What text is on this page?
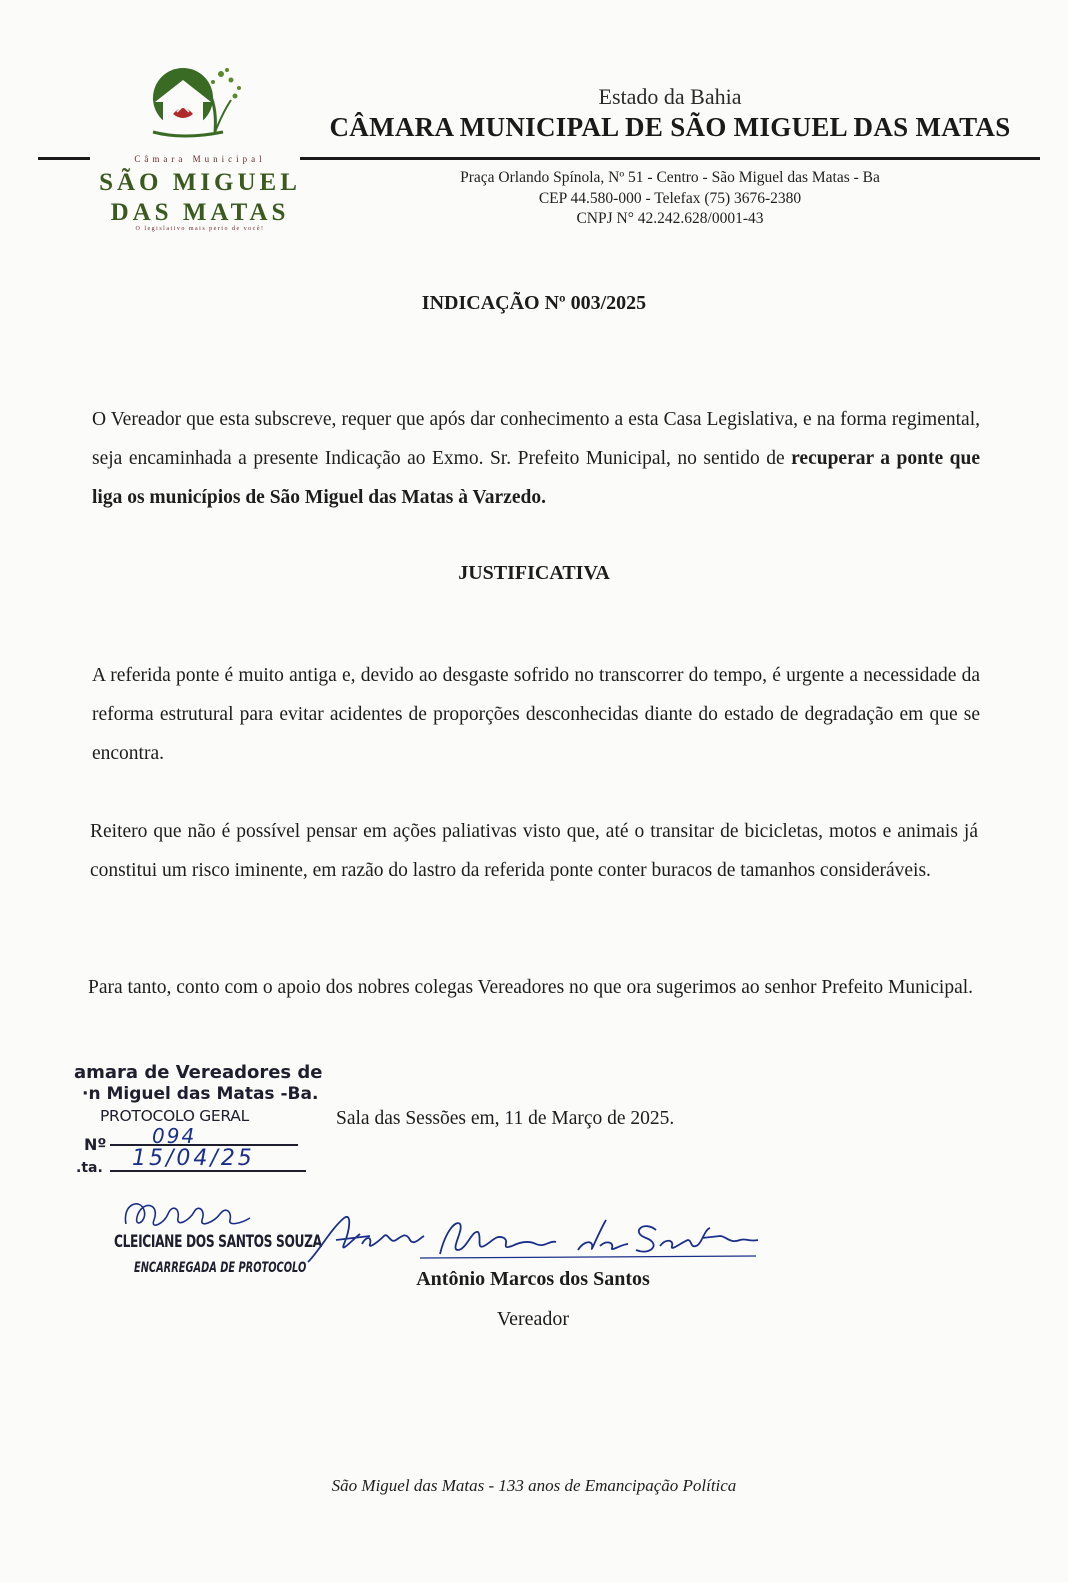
Câmara Municipal
SÃO MIGUEL
DAS MATAS
O legislativo mais perto de você!
Estado da Bahia
CÂMARA MUNICIPAL DE SÃO MIGUEL DAS MATAS
Praça Orlando Spínola, Nº 51 - Centro - São Miguel das Matas - Ba
CEP 44.580-000 - Telefax (75) 3676-2380
CNPJ N° 42.242.628/0001-43
INDICAÇÃO Nº 003/2025
O Vereador que esta subscreve, requer que após dar conhecimento a esta Casa Legislativa, e na forma regimental, seja encaminhada a presente Indicação ao Exmo. Sr. Prefeito Municipal, no sentido de recuperar a ponte que liga os municípios de São Miguel das Matas à Varzedo.
JUSTIFICATIVA
A referida ponte é muito antiga e, devido ao desgaste sofrido no transcorrer do tempo, é urgente a necessidade da reforma estrutural para evitar acidentes de proporções desconhecidas diante do estado de degradação em que se encontra.
Reitero que não é possível pensar em ações paliativas visto que, até o transitar de bicicletas, motos e animais já constitui um risco iminente, em razão do lastro da referida ponte conter buracos de tamanhos consideráveis.
Para tanto, conto com o apoio dos nobres colegas Vereadores no que ora sugerimos ao senhor Prefeito Municipal.
amara de Vereadores de
·n Miguel das Matas -Ba.
PROTOCOLO GERAL
Nº 094
.ta. 15/04/25
CLEICIANE DOS SANTOS SOUZA
ENCARREGADA DE PROTOCOLO
Sala das Sessões em, 11 de Março de 2025.
Antônio Marcos dos Santos
Vereador
São Miguel das Matas - 133 anos de Emancipação Política
